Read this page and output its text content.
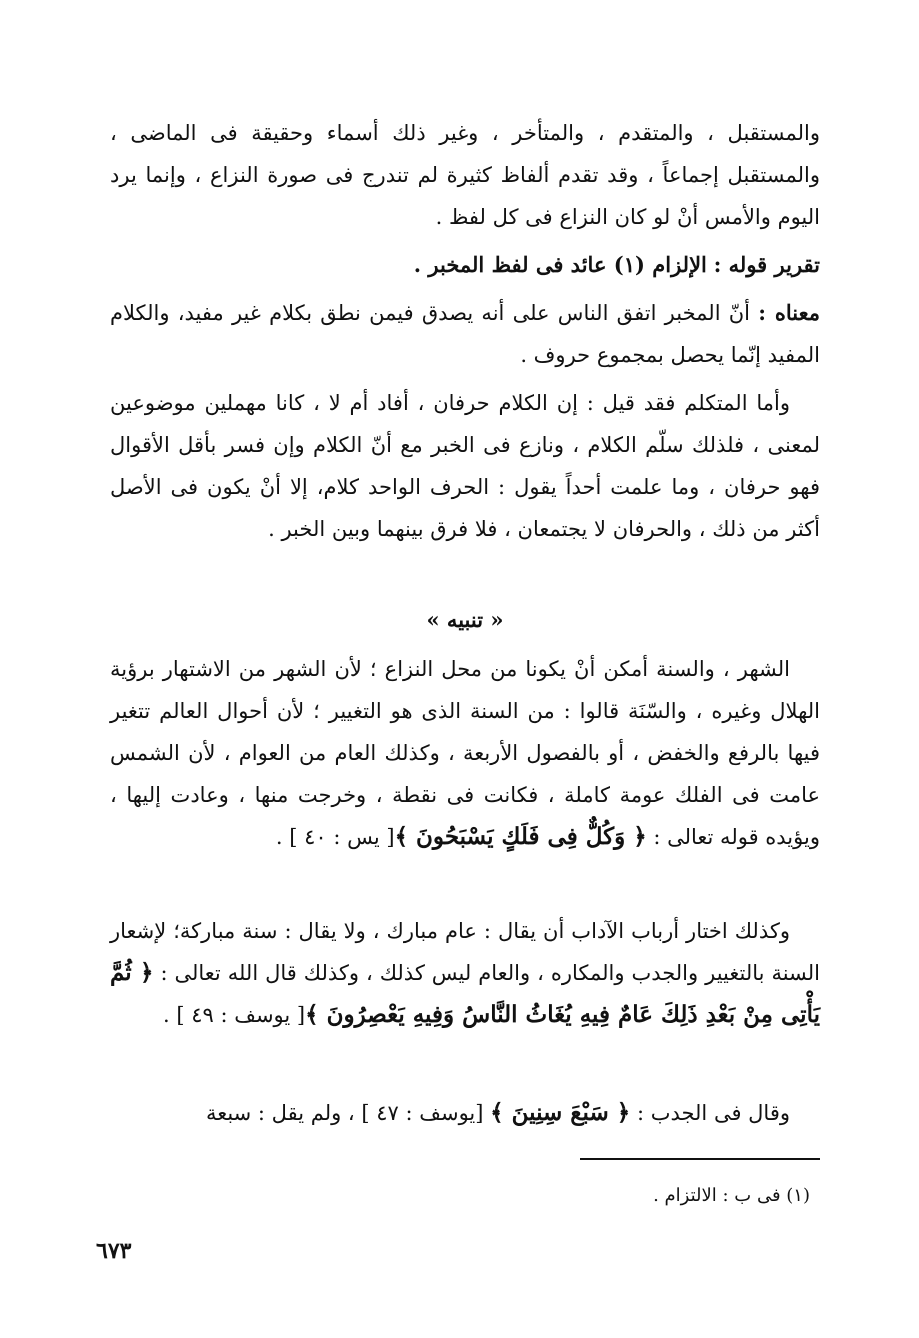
والمستقبل ، والمتقدم ، والمتأخر ، وغير ذلك أسماء وحقيقة فى الماضى ، والمستقبل إجماعاً ، وقد تقدم ألفاظ كثيرة لم تندرج فى صورة النزاع ، وإنما يرد اليوم والأمس أنْ لو كان النزاع فى كل لفظ .

تقرير قوله : الإلزام (١) عائد فى لفظ المخبر .

معناه : أنّ المخبر اتفق الناس على أنه يصدق فيمن نطق بكلام غير مفيد، والكلام المفيد إنّما يحصل بمجموع حروف .

وأما المتكلم فقد قيل : إن الكلام حرفان ، أفاد أم لا ، كانا مهملين موضوعين لمعنى ، فلذلك سلّم الكلام ، ونازع فى الخبر مع أنّ الكلام وإن فسر بأقل الأقوال فهو حرفان ، وما علمت أحداً يقول : الحرف الواحد كلام، إلا أنْ يكون فى الأصل أكثر من ذلك ، والحرفان لا يجتمعان ، فلا فرق بينهما وبين الخبر .

« تنبيه »

الشهر ، والسنة أمكن أنْ يكونا من محل النزاع ؛ لأن الشهر من الاشتهار برؤية الهلال وغيره ، والسّنَة قالوا : من السنة الذى هو التغيير ؛ لأن أحوال العالم تتغير فيها بالرفع والخفض ، أو بالفصول الأربعة ، وكذلك العام من العوام ، لأن الشمس عامت فى الفلك عومة كاملة ، فكانت فى نقطة ، وخرجت منها ، وعادت إليها ، ويؤيده قوله تعالى : ﴿ وَكُلٌّ فِى فَلَكٍ يَسْبَحُونَ ﴾[ يس : ٤٠ ] .

وكذلك اختار أرباب الآداب أن يقال : عام مبارك ، ولا يقال : سنة مباركة؛ لإشعار السنة بالتغيير والجدب والمكاره ، والعام ليس كذلك ، وكذلك قال الله تعالى : ﴿ ثُمَّ يَأْتِى مِنْ بَعْدِ ذَلِكَ عَامٌ فِيهِ يُغَاثُ النَّاسُ وَفِيهِ يَعْصِرُونَ ﴾[ يوسف : ٤٩ ] .

وقال فى الجدب : ﴿ سَبْعَ سِنِينَ ﴾ [يوسف : ٤٧ ] ، ولم يقل : سبعة

(١) فى ب : الالتزام .
٦٧٣
